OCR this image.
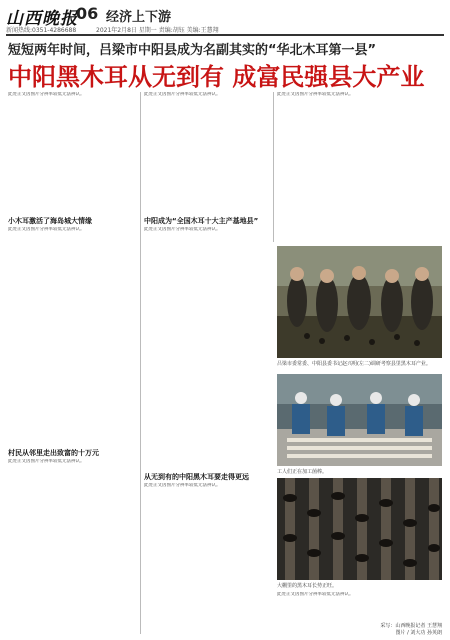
山西晚报
06 经济上下游
新闻热线:0351-4286688	2021年2月8日 星期一 责编:胡钰 美编:王慧翔
短短两年时间，吕梁市中阳县成为名副其实的“华北木耳第一县”
中阳黑木耳从无到有 成富民强县大产业
此处正文因图片分辨率较低无法辨认。
小木耳激活了海岛城大情缘
此处正文因图片分辨率较低无法辨认。
村民从邻里走出致富的十万元
此处正文因图片分辨率较低无法辨认。
此处正文因图片分辨率较低无法辨认。
中阳成为“全国木耳十大主产基地县”
此处正文因图片分辨率较低无法辨认。
从无到有的中阳黑木耳要走得更远
此处正文因图片分辨率较低无法辨认。
此处正文因图片分辨率较低无法辨认。
吕梁市委常委、中阳县委书记赵兴明(左二)调研考察县里黑木耳产业。
工人们正在加工菌棒。
大棚里的黑木耳长势正旺。
此处正文因图片分辨率较低无法辨认。
采写：山西晚报记者 王慧翔
图片 / 刘大功 孙英朗
